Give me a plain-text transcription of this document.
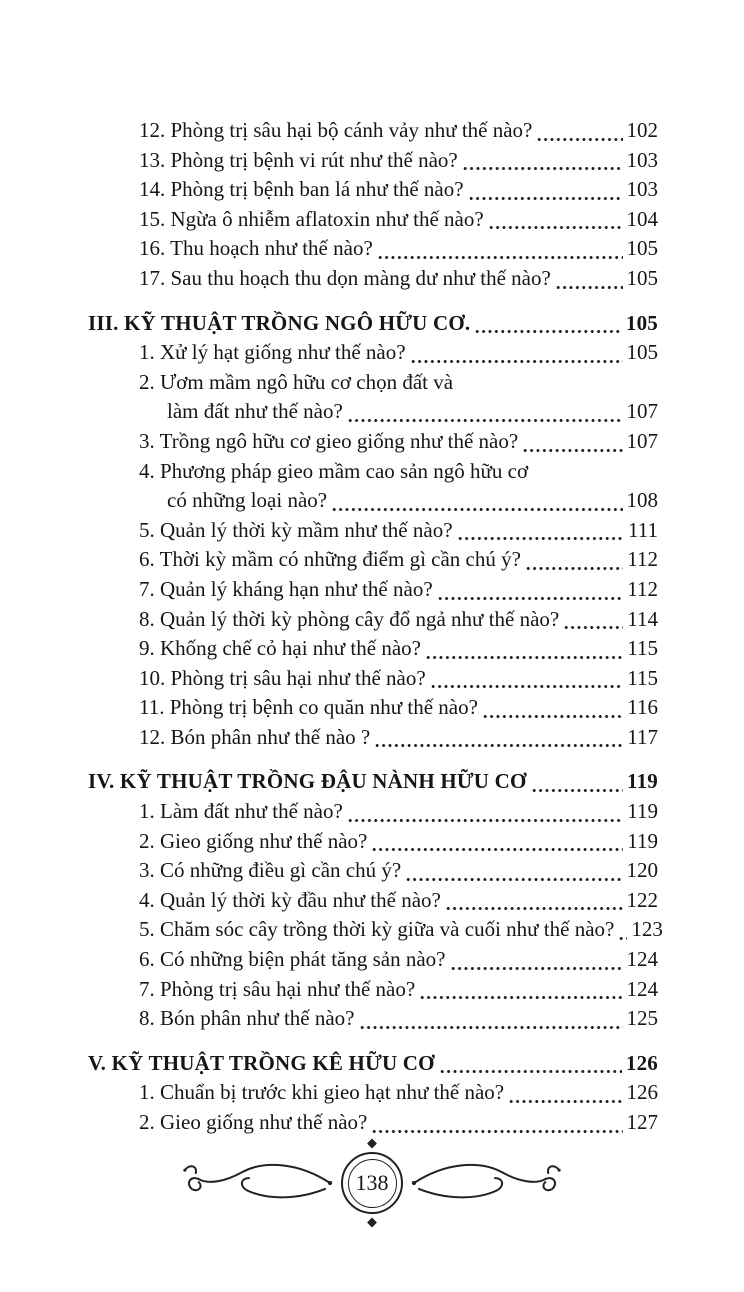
12. Phòng trị sâu hại bộ cánh vảy như thế nào?	102
13. Phòng trị bệnh vi rút như thế nào?	103
14. Phòng trị bệnh ban lá như thế nào?	103
15. Ngừa ô nhiễm aflatoxin như thế nào?	104
16. Thu hoạch như thế nào?	105
17. Sau thu hoạch thu dọn màng dư như thế nào?	105
III. KỸ THUẬT TRỒNG NGÔ HỮU CƠ.	105
1. Xử lý hạt giống như thế nào?	105
2. Ươm mầm ngô hữu cơ chọn đất và
làm đất như thế nào?	107
3. Trồng ngô hữu cơ gieo giống như thế nào?	107
4. Phương pháp gieo mầm cao sản ngô hữu cơ
có những loại nào?	108
5. Quản lý thời kỳ mầm như thế nào?	111
6. Thời kỳ mầm có những điểm gì cần chú ý?	112
7. Quản lý kháng hạn như thế nào?	112
8. Quản lý thời kỳ phòng cây đổ ngả như thế nào?	114
9. Khống chế cỏ hại như thế nào?	115
10. Phòng trị sâu hại như thế nào?	115
11. Phòng trị bệnh co quăn như thế nào?	116
12. Bón phân như thế nào ?	117
IV. KỸ THUẬT TRỒNG ĐẬU NÀNH HỮU CƠ	119
1. Làm đất như thế nào?	119
2. Gieo giống như thế nào?	119
3. Có những điều gì cần chú ý?	120
4. Quản lý thời kỳ đầu như thế nào?	122
5. Chăm sóc cây trồng thời kỳ giữa và cuối như thế nào? 123
6. Có những biện phát tăng sản nào?	124
7. Phòng trị sâu hại như thế nào?	124
8. Bón phân như thế nào?	125
V. KỸ THUẬT TRỒNG KÊ HỮU CƠ	126
1. Chuẩn bị trước khi gieo hạt như thế nào?	126
2. Gieo giống như thế nào?	127
138
